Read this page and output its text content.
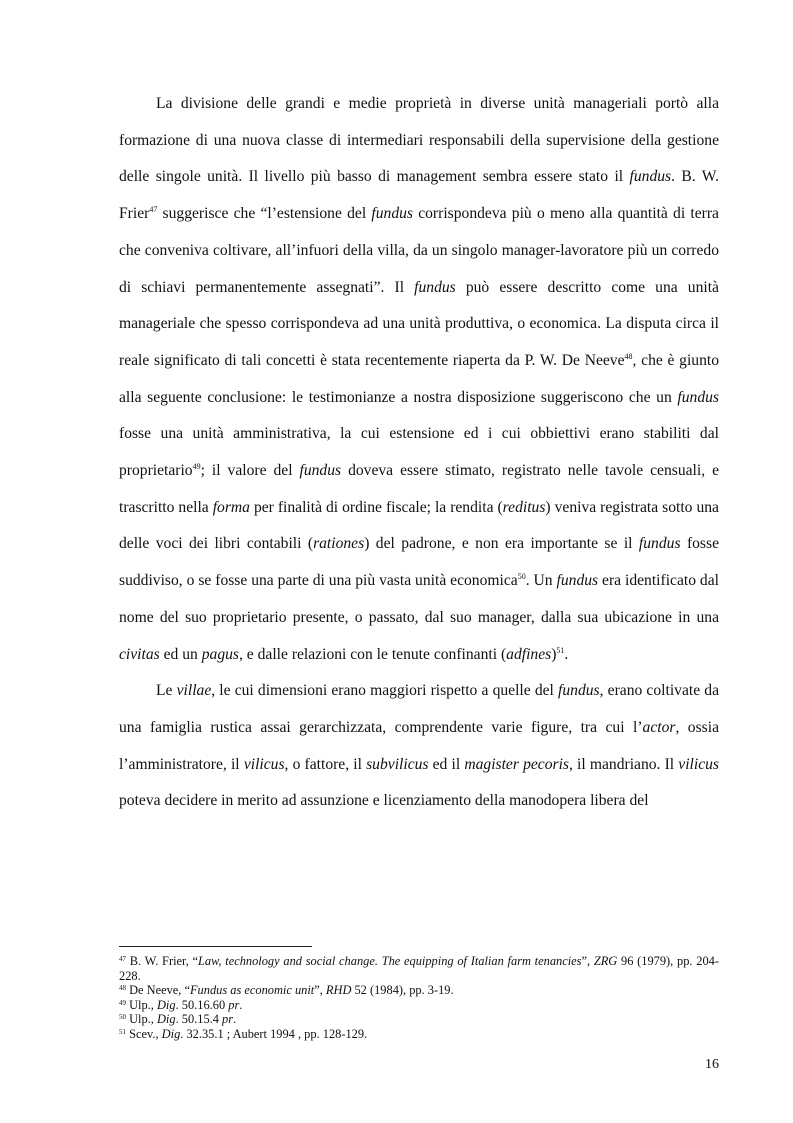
La divisione delle grandi e medie proprietà in diverse unità manageriali portò alla formazione di una nuova classe di intermediari responsabili della supervisione della gestione delle singole unità. Il livello più basso di management sembra essere stato il fundus. B. W. Frier$^{47}$ suggerisce che “l’estensione del fundus corrispondeva più o meno alla quantità di terra che conveniva coltivare, all’infuori della villa, da un singolo manager-lavoratore più un corredo di schiavi permanentemente assegnati”. Il fundus può essere descritto come una unità manageriale che spesso corrispondeva ad una unità produttiva, o economica. La disputa circa il reale significato di tali concetti è stata recentemente riaperta da P. W. De Neeve$^{48}$, che è giunto alla seguente conclusione: le testimonianze a nostra disposizione suggeriscono che un fundus fosse una unità amministrativa, la cui estensione ed i cui obbiettivi erano stabiliti dal proprietario$^{49}$; il valore del fundus doveva essere stimato, registrato nelle tavole censuali, e trascritto nella forma per finalità di ordine fiscale; la rendita (reditus) veniva registrata sotto una delle voci dei libri contabili (rationes) del padrone, e non era importante se il fundus fosse suddiviso, o se fosse una parte di una più vasta unità economica$^{50}$. Un fundus era identificato dal nome del suo proprietario presente, o passato, dal suo manager, dalla sua ubicazione in una civitas ed un pagus, e dalle relazioni con le tenute confinanti (adfines)$^{51}$.

Le villae, le cui dimensioni erano maggiori rispetto a quelle del fundus, erano coltivate da una famiglia rustica assai gerarchizzata, comprendente varie figure, tra cui l’actor, ossia l’amministratore, il vilicus, o fattore, il subvilicus ed il magister pecoris, il mandriano. Il vilicus poteva decidere in merito ad assunzione e licenziamento della manodopera libera del

$^{47}$ B. W. Frier, “Law, technology and social change. The equipping of Italian farm tenancies”, ZRG 96 (1979), pp. 204-228.

$^{48}$ De Neeve, “Fundus as economic unit”, RHD 52 (1984), pp. 3-19.

$^{49}$ Ulp., Dig. 50.16.60 pr.

$^{50}$ Ulp., Dig. 50.15.4 pr.

$^{51}$ Scev., Dig. 32.35.1 ; Aubert 1994 , pp. 128-129.

16
